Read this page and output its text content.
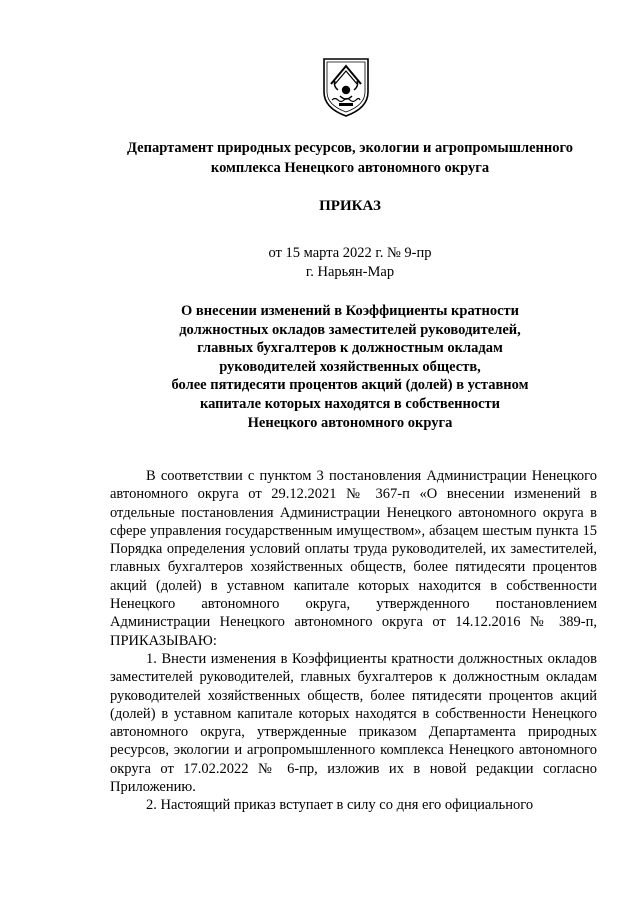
Департамент природных ресурсов, экологии и агропромышленного
комплекса Ненецкого автономного округа
ПРИКАЗ
от 15 марта 2022 г. № 9-пр
г. Нарьян-Мар
О внесении изменений в Коэффициенты кратности
должностных окладов заместителей руководителей,
главных бухгалтеров к должностным окладам
руководителей хозяйственных обществ,
более пятидесяти процентов акций (долей) в уставном
капитале которых находятся в собственности
Ненецкого автономного округа

В соответствии с пунктом 3 постановления Администрации Ненецкого автономного округа от 29.12.2021 № 367-п «О внесении изменений в отдельные постановления Администрации Ненецкого автономного округа в сфере управления государственным имуществом», абзацем шестым пункта 15 Порядка определения условий оплаты труда руководителей, их заместителей, главных бухгалтеров хозяйственных обществ, более пятидесяти процентов акций (долей) в уставном капитале которых находится в собственности Ненецкого автономного округа, утвержденного постановлением Администрации Ненецкого автономного округа от 14.12.2016 № 389-п, ПРИКАЗЫВАЮ:

1. Внести изменения в Коэффициенты кратности должностных окладов заместителей руководителей, главных бухгалтеров к должностным окладам руководителей хозяйственных обществ, более пятидесяти процентов акций (долей) в уставном капитале которых находятся в собственности Ненецкого автономного округа, утвержденные приказом Департамента природных ресурсов, экологии и агропромышленного комплекса Ненецкого автономного округа от 17.02.2022 № 6-пр, изложив их в новой редакции согласно Приложению.

2. Настоящий приказ вступает в силу со дня его официального
